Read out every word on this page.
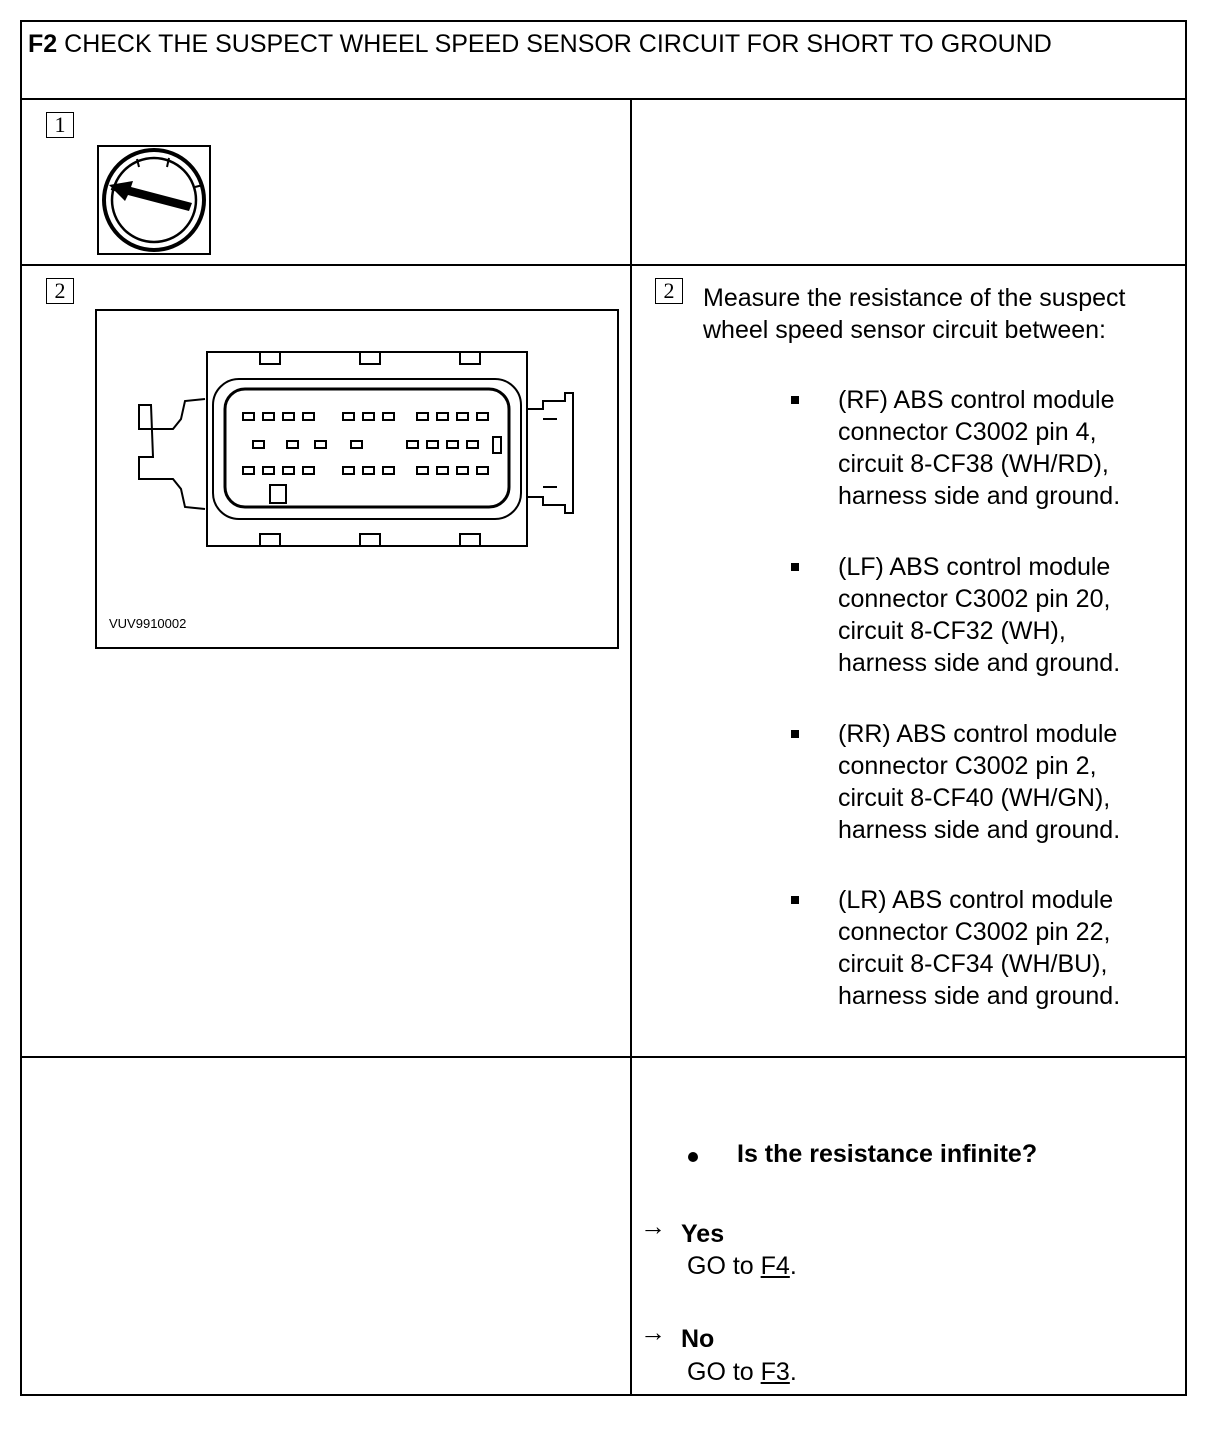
F2 CHECK THE SUSPECT WHEEL SPEED SENSOR CIRCUIT FOR SHORT TO GROUND
1
2
VUV9910002
2	Measure the resistance of the suspect wheel speed sensor circuit between:
(RF) ABS control module
connector C3002 pin 4,
circuit 8-CF38 (WH/RD),
harness side and ground.
(LF) ABS control module
connector C3002 pin 20,
circuit 8-CF32 (WH),
harness side and ground.
(RR) ABS control module
connector C3002 pin 2,
circuit 8-CF40 (WH/GN),
harness side and ground.
(LR) ABS control module
connector C3002 pin 22,
circuit 8-CF34 (WH/BU),
harness side and ground.
Is the resistance infinite?
→ Yes
GO to F4.
→ No
GO to F3.
